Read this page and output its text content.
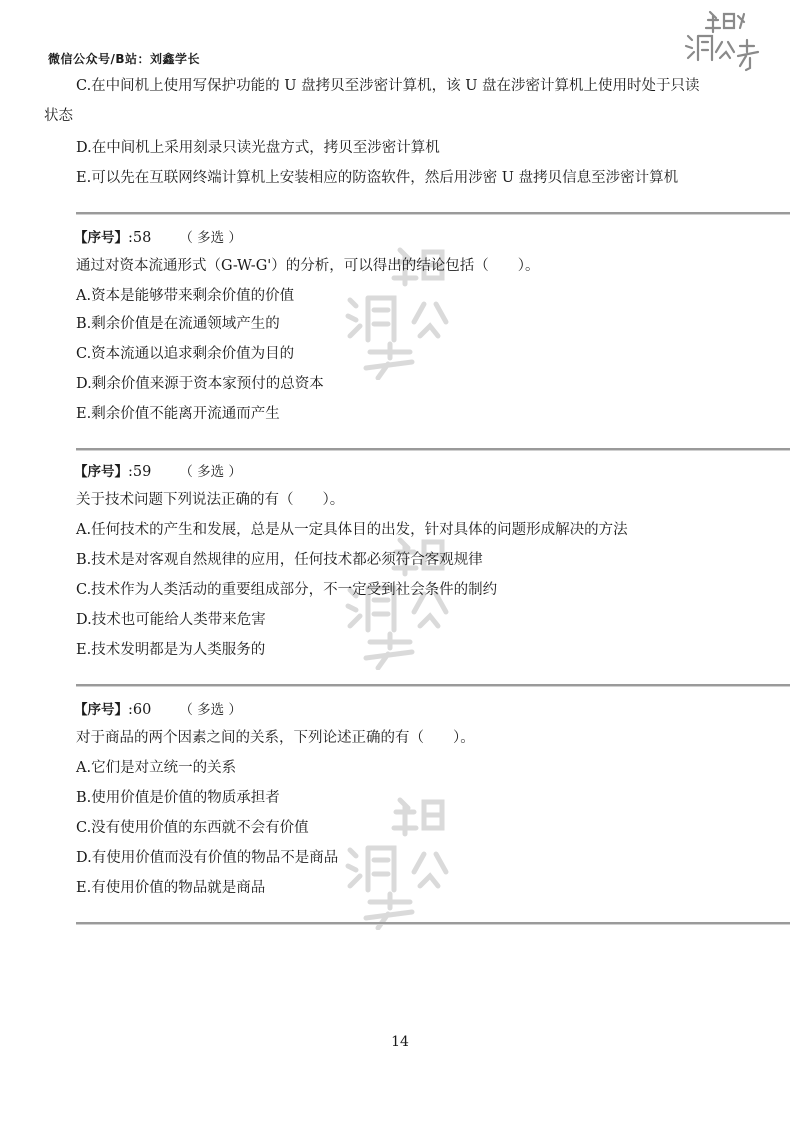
微信公众号/B站：刘鑫学长
C.在中间机上使用写保护功能的 U 盘拷贝至涉密计算机，该 U 盘在涉密计算机上使用时处于只读
状态
D.在中间机上采用刻录只读光盘方式，拷贝至涉密计算机
E.可以先在互联网终端计算机上安装相应的防盗软件，然后用涉密 U 盘拷贝信息至涉密计算机
【序号】:58 （ 多选 ）
通过对资本流通形式（G-W-G'）的分析，可以得出的结论包括（　　）。
A.资本是能够带来剩余价值的价值
B.剩余价值是在流通领域产生的
C.资本流通以追求剩余价值为目的
D.剩余价值来源于资本家预付的总资本
E.剩余价值不能离开流通而产生
【序号】:59 （ 多选 ）
关于技术问题下列说法正确的有（　　）。
A.任何技术的产生和发展，总是从一定具体目的出发，针对具体的问题形成解决的方法
B.技术是对客观自然规律的应用，任何技术都必须符合客观规律
C.技术作为人类活动的重要组成部分，不一定受到社会条件的制约
D.技术也可能给人类带来危害
E.技术发明都是为人类服务的
【序号】:60 （ 多选 ）
对于商品的两个因素之间的关系，下列论述正确的有（　　）。
A.它们是对立统一的关系
B.使用价值是价值的物质承担者
C.没有使用价值的东西就不会有价值
D.有使用价值而没有价值的物品不是商品
E.有使用价值的物品就是商品
14
